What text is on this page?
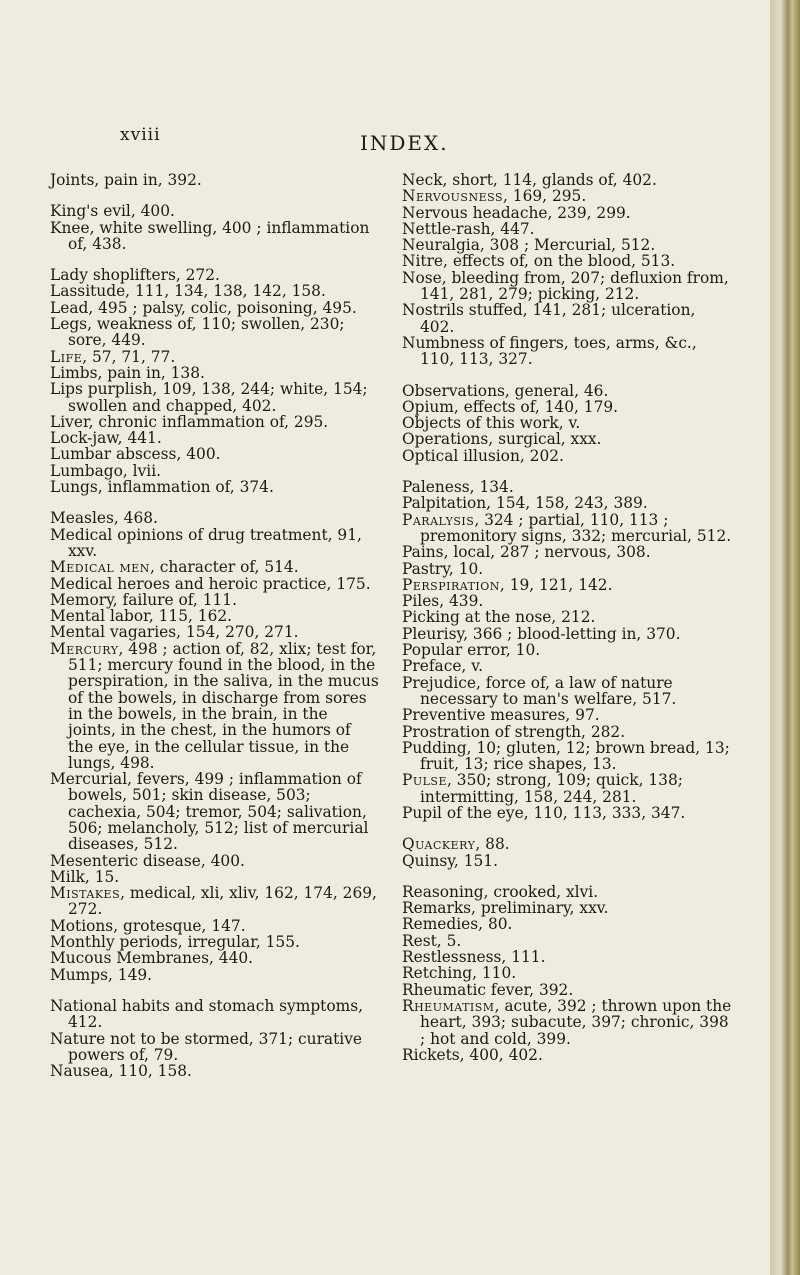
xviii	INDEX.

Joints, pain in, 392.

King's evil, 400.

Knee, white swelling, 400 ; inflammation of, 438.

Lady shoplifters, 272.

Lassitude, 111, 134, 138, 142, 158.

Lead, 495 ; palsy, colic, poisoning, 495.

Legs, weakness of, 110; swollen, 230; sore, 449.

Life, 57, 71, 77.

Limbs, pain in, 138.

Lips purplish, 109, 138, 244; white, 154; swollen and chapped, 402.

Liver, chronic inflammation of, 295.

Lock-jaw, 441.

Lumbar abscess, 400.

Lumbago, lvii.

Lungs, inflammation of, 374.

Measles, 468.

Medical opinions of drug treatment, 91, xxv.

Medical men, character of, 514.

Medical heroes and heroic practice, 175.

Memory, failure of, 111.

Mental labor, 115, 162.

Mental vagaries, 154, 270, 271.

Mercury, 498 ; action of, 82, xlix; test for, 511; mercury found in the blood, in the perspiration, in the saliva, in the mucus of the bowels, in discharge from sores in the bowels, in the brain, in the joints, in the chest, in the humors of the eye, in the cellular tissue, in the lungs, 498.

Mercurial, fevers, 499 ; inflammation of bowels, 501; skin disease, 503; cachexia, 504; tremor, 504; salivation, 506; melancholy, 512; list of mercurial diseases, 512.

Mesenteric disease, 400.

Milk, 15.

Mistakes, medical, xli, xliv, 162, 174, 269, 272.

Motions, grotesque, 147.

Monthly periods, irregular, 155.

Mucous Membranes, 440.

Mumps, 149.

National habits and stomach symptoms, 412.

Nature not to be stormed, 371; curative powers of, 79.

Nausea, 110, 158.

Neck, short, 114, glands of, 402.

Nervousness, 169, 295.

Nervous headache, 239, 299.

Nettle-rash, 447.

Neuralgia, 308 ; Mercurial, 512.

Nitre, effects of, on the blood, 513.

Nose, bleeding from, 207; defluxion from, 141, 281, 279; picking, 212.

Nostrils stuffed, 141, 281; ulceration, 402.

Numbness of fingers, toes, arms, &c., 110, 113, 327.

Observations, general, 46.

Opium, effects of, 140, 179.

Objects of this work, v.

Operations, surgical, xxx.

Optical illusion, 202.

Paleness, 134.

Palpitation, 154, 158, 243, 389.

Paralysis, 324 ; partial, 110, 113 ; premonitory signs, 332; mercurial, 512.

Pains, local, 287 ; nervous, 308.

Pastry, 10.

Perspiration, 19, 121, 142.

Piles, 439.

Picking at the nose, 212.

Pleurisy, 366 ; blood-letting in, 370.

Popular error, 10.

Preface, v.

Prejudice, force of, a law of nature necessary to man's welfare, 517.

Preventive measures, 97.

Prostration of strength, 282.

Pudding, 10; gluten, 12; brown bread, 13; fruit, 13; rice shapes, 13.

Pulse, 350; strong, 109; quick, 138; intermitting, 158, 244, 281.

Pupil of the eye, 110, 113, 333, 347.

Quackery, 88.

Quinsy, 151.

Reasoning, crooked, xlvi.

Remarks, preliminary, xxv.

Remedies, 80.

Rest, 5.

Restlessness, 111.

Retching, 110.

Rheumatic fever, 392.

Rheumatism, acute, 392 ; thrown upon the heart, 393; subacute, 397; chronic, 398 ; hot and cold, 399.

Rickets, 400, 402.
